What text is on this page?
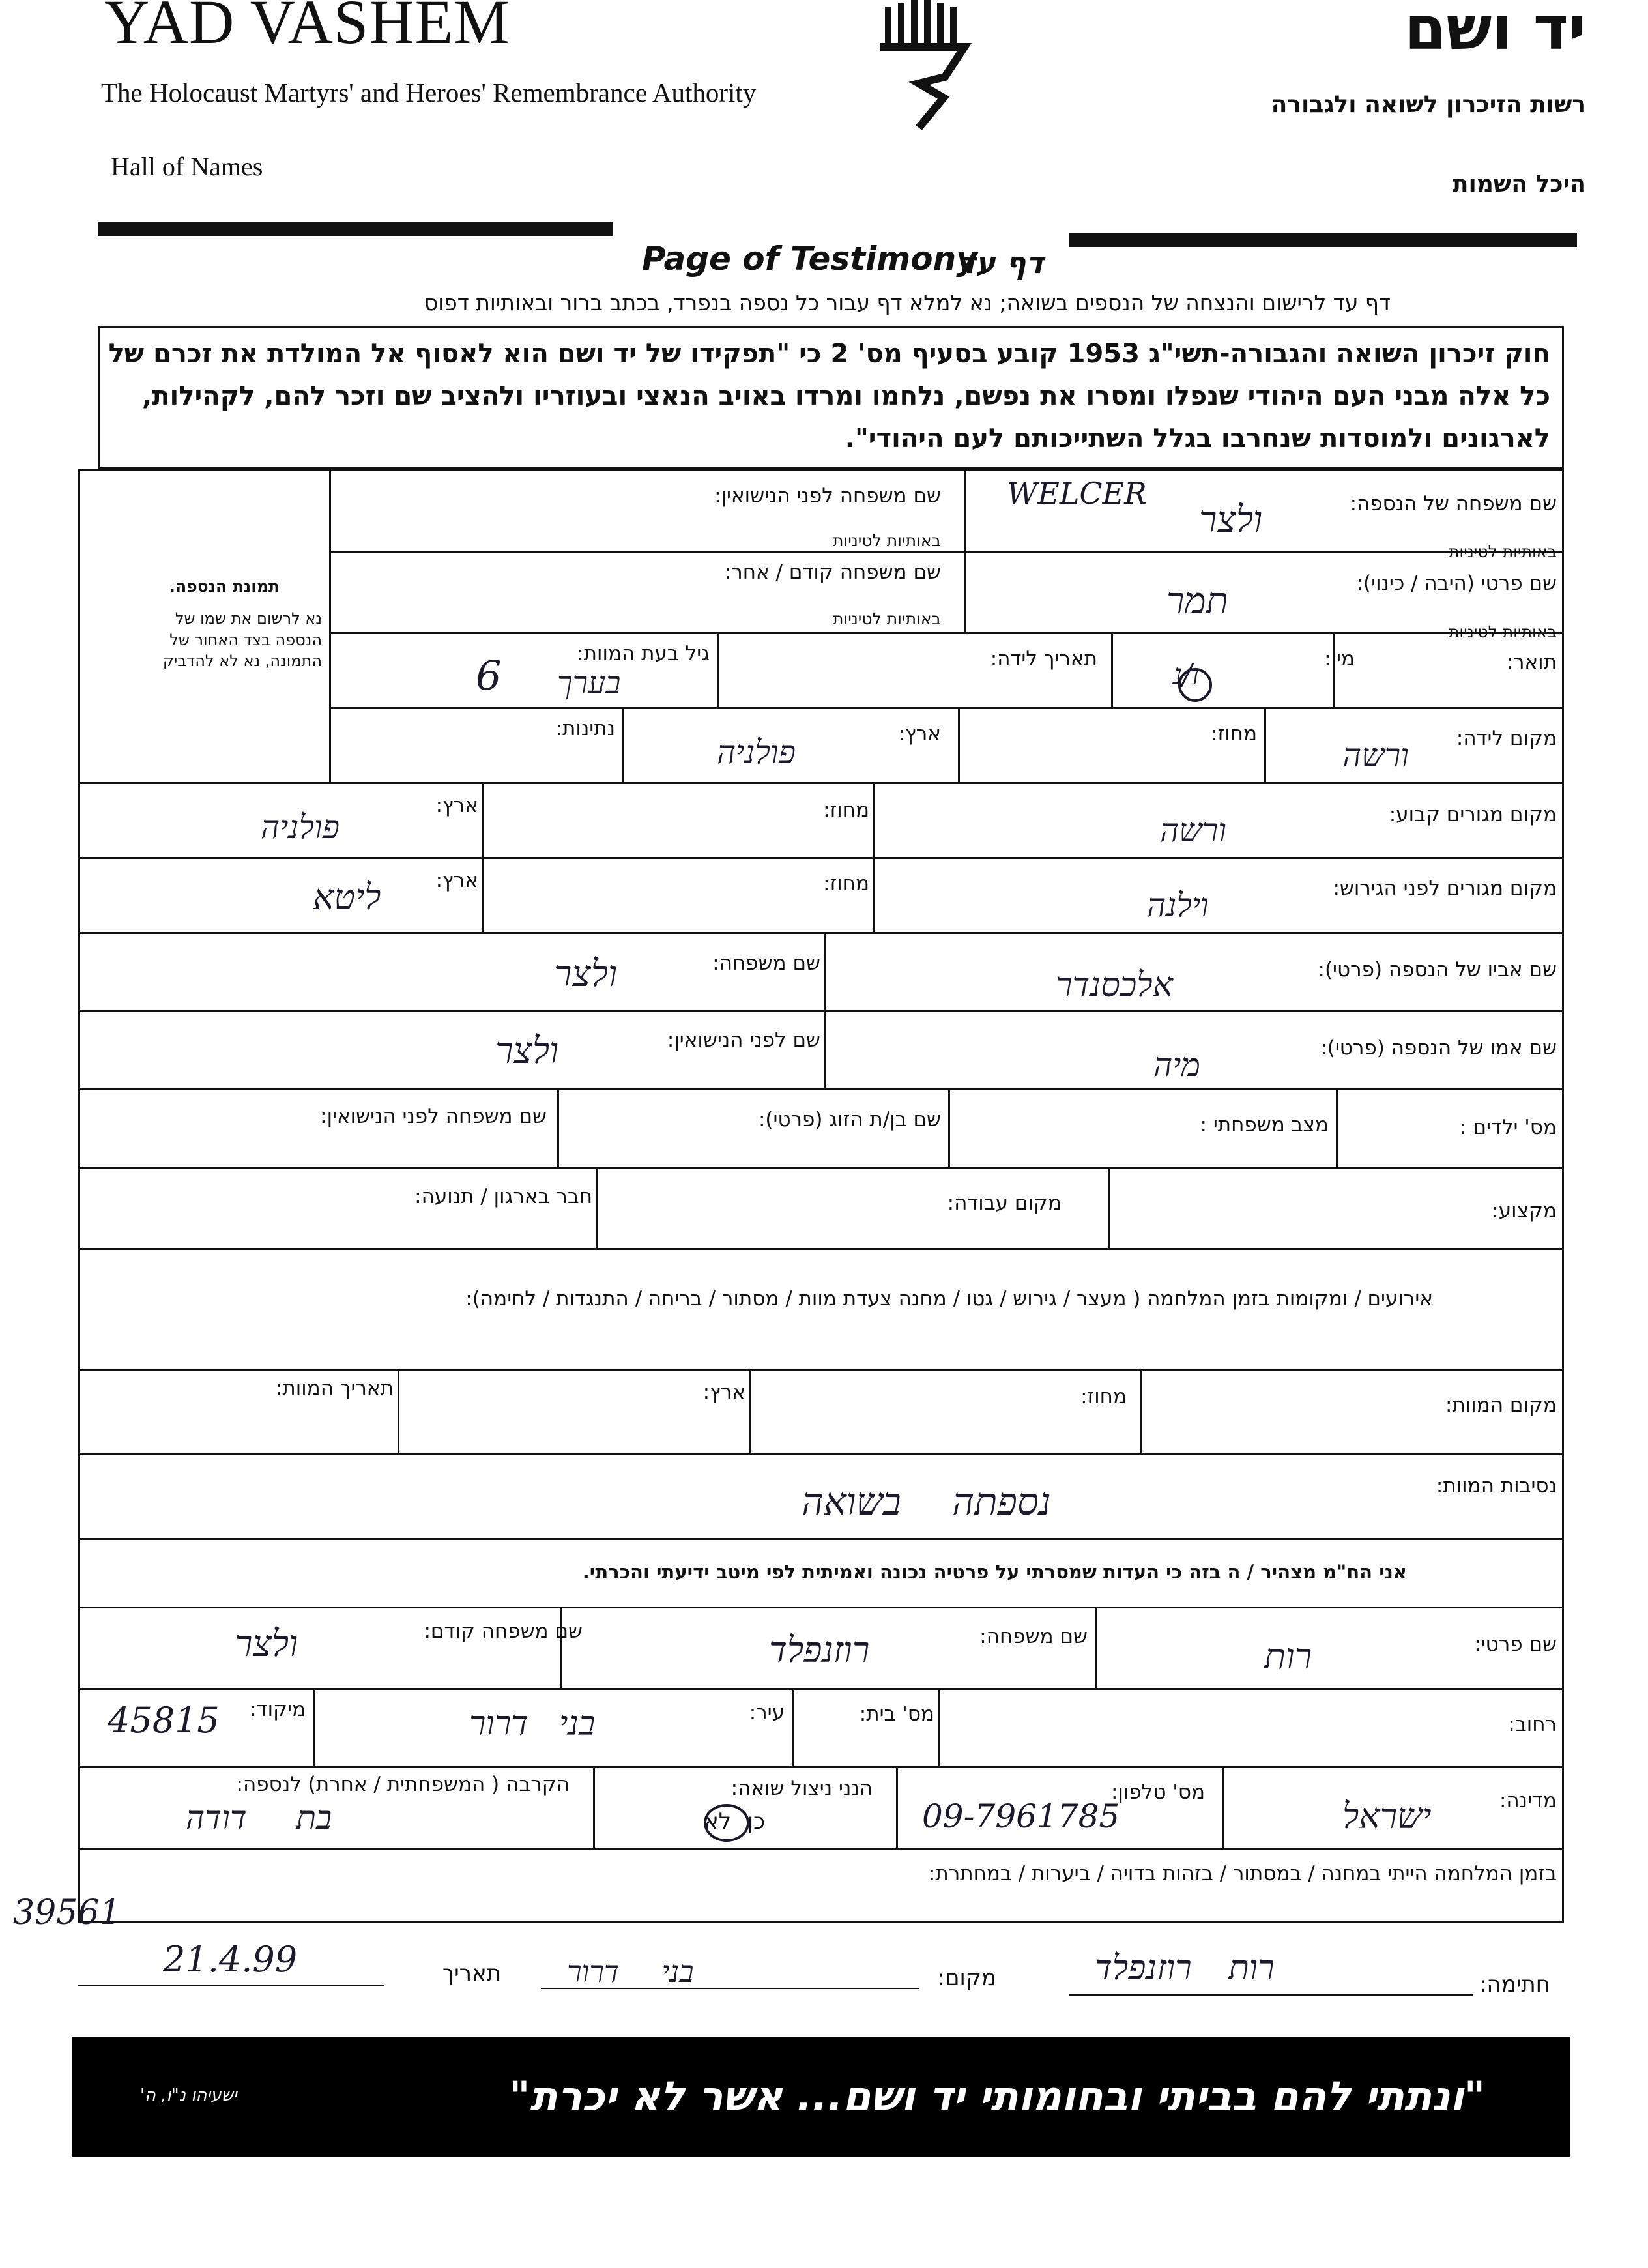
YAD VASHEM
The Holocaust Martyrs' and Heroes' Remembrance Authority
Hall of Names
יד ושם
רשות הזיכרון לשואה ולגבורה
היכל השמות
Page of Testimony
דף עד
דף עד לרישום והנצחה של הנספים בשואה; נא למלא דף עבור כל נספה בנפרד, בכתב ברור ובאותיות דפוס
חוק זיכרון השואה והגבורה-תשי"ג 1953 קובע בסעיף מס' 2 כי "תפקידו של יד ושם הוא לאסוף אל המולדת את זכרם של
כל אלה מבני העם היהודי שנפלו ומסרו את נפשם, נלחמו ומרדו באויב הנאצי ובעוזריו ולהציב שם וזכר להם, לקהילות,
לארגונים ולמוסדות שנחרבו בגלל השתייכותם לעם היהודי".
תמונת הנספה.
נא לרשום את שמו של
הנספה בצד האחור של
התמונה, נא לא להדביק
שם משפחה של הנספה:
באותיות לטיניות
WELCER
ולצר
שם משפחה לפני הנישואין:
באותיות לטיניות
שם פרטי (היבה / כינוי):
באותיות לטיניות
תמר
שם משפחה קודם / אחר:
באותיות לטיניות
תואר:
מין:
ז/נ
תאריך לידה:
גיל בעת המוות:
6 בערך
מקום לידה:
ורשה
מחוז:
ארץ:
פולניה
נתינות:
מקום מגורים קבוע:
ורשה
מחוז:
ארץ:
פולניה
מקום מגורים לפני הגירוש:
וילנה
מחוז:
ארץ:
ליטא
שם אביו של הנספה (פרטי):
אלכסנדר
שם משפחה:
ולצר
שם אמו של הנספה (פרטי):
מיה
שם לפני הנישואין:
ולצר
מס' ילדים :
מצב משפחתי :
שם בן/ת הזוג (פרטי):
שם משפחה לפני הנישואין:
מקצוע:
מקום עבודה:
חבר בארגון / תנועה:
אירועים / ומקומות בזמן המלחמה ( מעצר / גירוש / גטו / מחנה צעדת מוות / מסתור / בריחה / התנגדות / לחימה):
מקום המוות:
מחוז:
ארץ:
תאריך המוות:
נסיבות המוות:
נספתה בשואה
אני הח"מ מצהיר / ה בזה כי העדות שמסרתי על פרטיה נכונה ואמיתית לפי מיטב ידיעתי והכרתי.
שם פרטי:
רות
שם משפחה:
רוזנפלד
שם משפחה קודם:
ולצר
רחוב:
מס' בית:
עיר:
בני דרור
מיקוד:
45815
מדינה:
ישראל
מס' טלפון:
09-7961785
הנני ניצול שואה:
כן לא
הקרבה ( המשפחתית / אחרת) לנספה:
בת דודה
בזמן המלחמה הייתי במחנה / במסתור / בזהות בדויה / ביערות / במחתרת:
39561
חתימה:
רות רוזנפלד
מקום:
בני דרור
תאריך
21.4.99
"ונתתי להם בביתי ובחומותי יד ושם... אשר לא יכרת"
ישעיהו נ"ו, ה'
